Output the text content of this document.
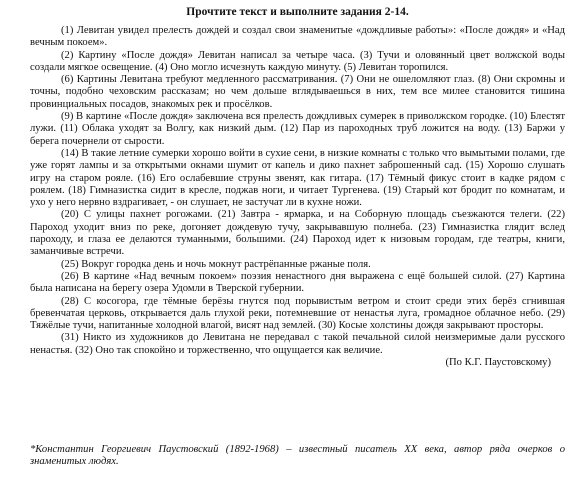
Прочтите текст и выполните задания 2-14.

(1) Левитан увидел прелесть дождей и создал свои знаменитые «дождливые работы»: «После дождя» и «Над вечным покоем».

(2) Картину «После дождя» Левитан написал за четыре часа. (3) Тучи и оловянный цвет волжской воды создали мягкое освещение. (4) Оно могло исчезнуть каждую минуту. (5) Левитан торопился.

(6) Картины Левитана требуют медленного рассматривания. (7) Они не ошеломляют глаз. (8) Они скромны и точны, подобно чеховским рассказам; но чем дольше вглядываешься в них, тем все милее становится тишина провинциальных посадов, знакомых рек и просёлков.

(9) В картине «После дождя» заключена вся прелесть дождливых сумерек в приволжском городке. (10) Блестят лужи. (11) Облака уходят за Волгу, как низкий дым. (12) Пар из пароходных труб ложится на воду. (13) Баржи у берега почернели от сырости.

(14) В такие летние сумерки хорошо войти в сухие сени, в низкие комнаты с только что вымытыми полами, где уже горят лампы и за открытыми окнами шумит от капель и дико пахнет заброшенный сад. (15) Хорошо слушать игру на старом рояле. (16) Его ослабевшие струны звенят, как гитара. (17) Тёмный фикус стоит в кадке рядом с роялем. (18) Гимназистка сидит в кресле, поджав ноги, и читает Тургенева. (19) Старый кот бродит по комнатам, и ухо у него нервно вздрагивает, - он слушает, не застучат ли в кухне ножи.

(20) С улицы пахнет рогожами. (21) Завтра - ярмарка, и на Соборную площадь съезжаются телеги. (22) Пароход уходит вниз по реке, догоняет дождевую тучу, закрывавшую полнеба. (23) Гимназистка глядит вслед пароходу, и глаза ее делаются туманными, большими. (24) Пароход идет к низовым городам, где театры, книги, заманчивые встречи.

(25) Вокруг городка день и ночь мокнут растрёпанные ржаные поля.

(26) В картине «Над вечным покоем» поэзия ненастного дня выражена с ещё большей силой. (27) Картина была написана на берегу озера Удомли в Тверской губернии.

(28) С косогора, где тёмные берёзы гнутся под порывистым ветром и стоит среди этих берёз сгнившая бревенчатая церковь, открывается даль глухой реки, потемневшие от ненастья луга, громадное облачное небо. (29) Тяжёлые тучи, напитанные холодной влагой, висят над землей. (30) Косые холстины дождя закрывают просторы.

(31) Никто из художников до Левитана не передавал с такой печальной силой неизмеримые дали русского ненастья. (32) Оно так спокойно и торжественно, что ощущается как величие.

(По К.Г. Паустовскому)

*Константин Георгиевич Паустовский (1892-1968) – известный писатель XX века, автор ряда очерков о знаменитых людях.
